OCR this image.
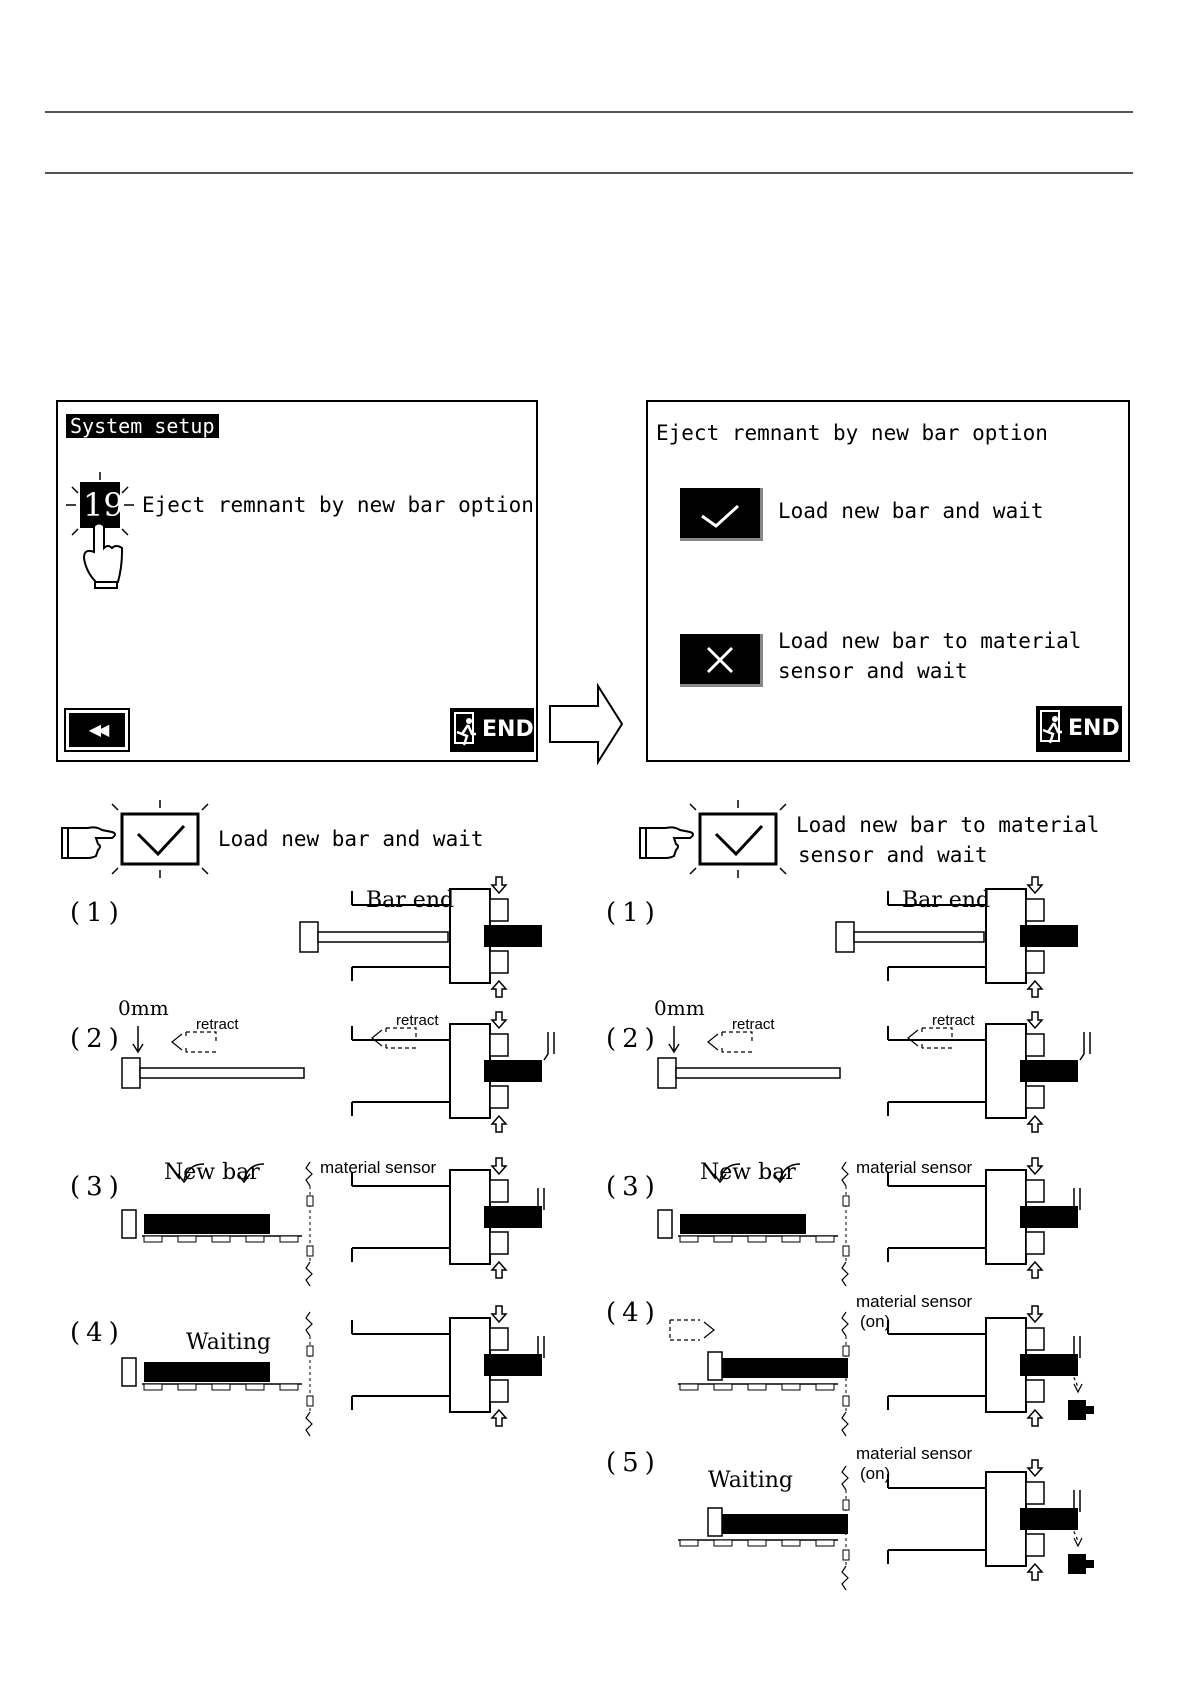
System setup
19 Eject remnant by new bar option
◀◀	END
Eject remnant by new bar option
Load new bar and wait
Load new bar to material
sensor and wait
END
Load new bar and wait
(1)	Bar end
(2)
0mm
retract	retract
(3) New bar	material sensor
(4)	Waiting
Load new bar to material
sensor and wait
(1)	Bar end
(2)
0mm
retract	retract
(3) New bar	material sensor
(4)	material sensor
(on)
(5)	material sensor
(on)
Waiting
